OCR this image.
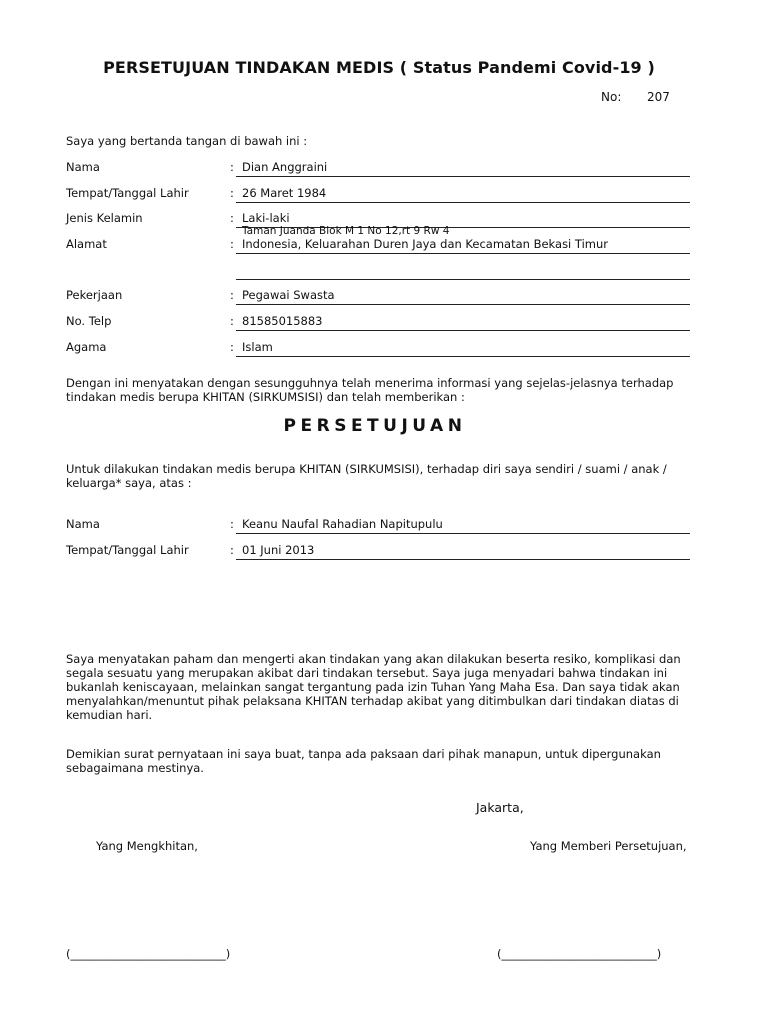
PERSETUJUAN TINDAKAN MEDIS ( Status Pandemi Covid-19 )
No: 207
Saya yang bertanda tangan di bawah ini :
Nama	: Dian Anggraini
Tempat/Tanggal Lahir	: 26 Maret 1984
Jenis Kelamin	: Laki-laki
Alamat	:
Taman Juanda Blok M 1 No 12,rt 9 Rw 4
Indonesia, Keluarahan Duren Jaya dan Kecamatan Bekasi Timur
Pekerjaan	: Pegawai Swasta
No. Telp	: 81585015883
Agama	: Islam
Dengan ini menyatakan dengan sesungguhnya telah menerima informasi yang sejelas-jelasnya terhadap tindakan medis berupa KHITAN (SIRKUMSISI) dan telah memberikan :
PERSETUJUAN
Untuk dilakukan tindakan medis berupa KHITAN (SIRKUMSISI), terhadap diri saya sendiri / suami / anak / keluarga* saya, atas :
Nama	: Keanu Naufal Rahadian Napitupulu
Tempat/Tanggal Lahir	: 01 Juni 2013
Saya menyatakan paham dan mengerti akan tindakan yang akan dilakukan beserta resiko, komplikasi dan segala sesuatu yang merupakan akibat dari tindakan tersebut. Saya juga menyadari bahwa tindakan ini bukanlah keniscayaan, melainkan sangat tergantung pada izin Tuhan Yang Maha Esa. Dan saya tidak akan menyalahkan/menuntut pihak pelaksana KHITAN terhadap akibat yang ditimbulkan dari tindakan diatas di kemudian hari.
Demikian surat pernyataan ini saya buat, tanpa ada paksaan dari pihak manapun, untuk dipergunakan sebagaimana mestinya.
Jakarta,
Yang Mengkhitan,	Yang Memberi Persetujuan,
(___________________________)	(___________________________)
